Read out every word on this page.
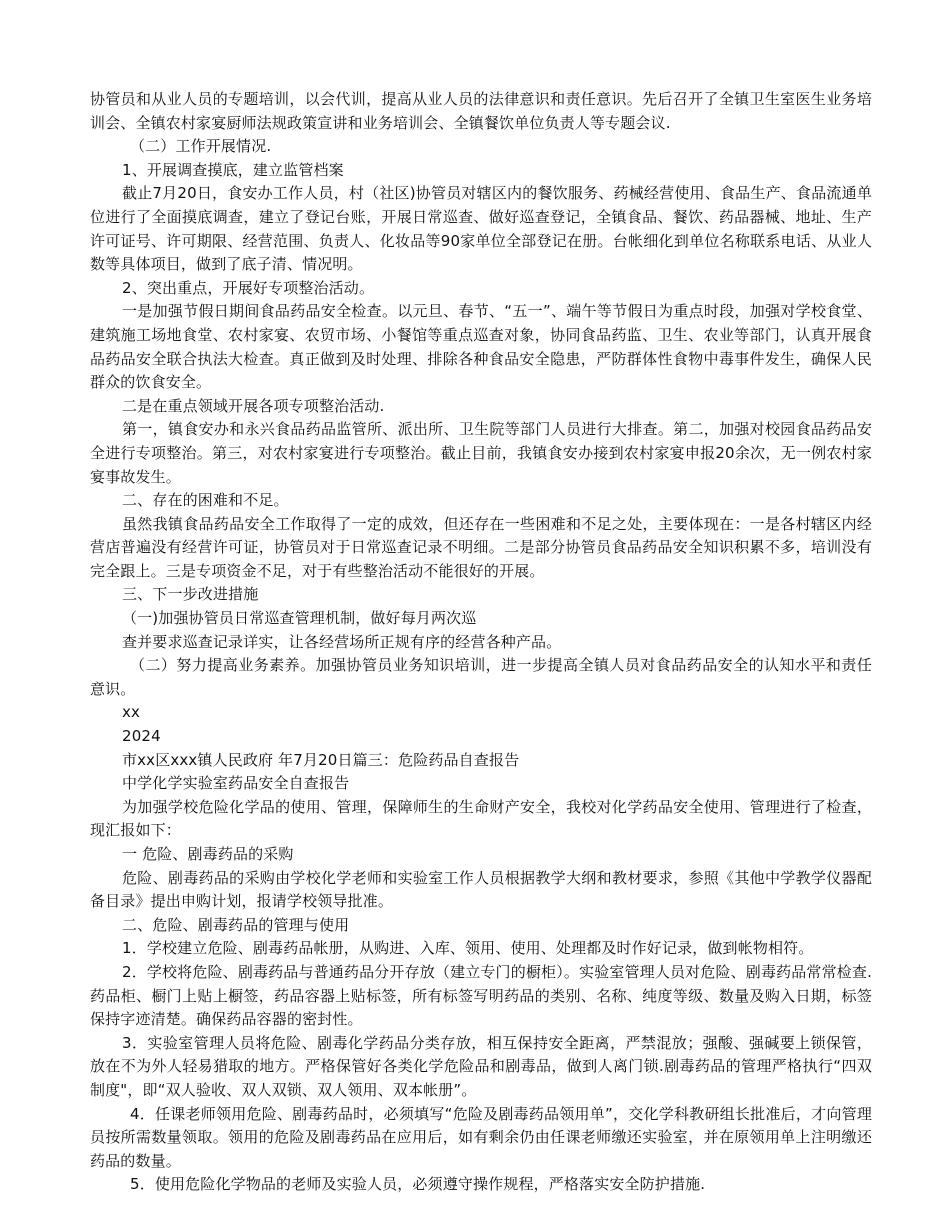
协管员和从业人员的专题培训，以会代训，提高从业人员的法律意识和责任意识。先后召开了全镇卫生室医生业务培训会、全镇农村家宴厨师法规政策宣讲和业务培训会、全镇餐饮单位负责人等专题会议.

（二）工作开展情况.

1、开展调查摸底，建立监管档案

截止7月20日，食安办工作人员，村（社区)协管员对辖区内的餐饮服务、药械经营使用、食品生产、食品流通单位进行了全面摸底调查，建立了登记台账，开展日常巡查、做好巡查登记，全镇食品、餐饮、药品器械、地址、生产许可证号、许可期限、经营范围、负责人、化妆品等90家单位全部登记在册。台帐细化到单位名称联系电话、从业人数等具体项目，做到了底子清、情况明。

2、突出重点，开展好专项整治活动。

一是加强节假日期间食品药品安全检查。以元旦、春节、“五一”、端午等节假日为重点时段，加强对学校食堂、建筑施工场地食堂、农村家宴、农贸市场、小餐馆等重点巡查对象，协同食品药监、卫生、农业等部门，认真开展食品药品安全联合执法大检查。真正做到及时处理、排除各种食品安全隐患，严防群体性食物中毒事件发生，确保人民群众的饮食安全。

二是在重点领域开展各项专项整治活动.

第一，镇食安办和永兴食品药品监管所、派出所、卫生院等部门人员进行大排查。第二，加强对校园食品药品安全进行专项整治。第三，对农村家宴进行专项整治。截止目前，我镇食安办接到农村家宴申报20余次，无一例农村家宴事故发生。

二、存在的困难和不足。

虽然我镇食品药品安全工作取得了一定的成效，但还存在一些困难和不足之处，主要体现在：一是各村辖区内经营店普遍没有经营许可证，协管员对于日常巡查记录不明细。二是部分协管员食品药品安全知识积累不多，培训没有完全跟上。三是专项资金不足，对于有些整治活动不能很好的开展。

三、下一步改进措施

（一)加强协管员日常巡查管理机制，做好每月两次巡

查并要求巡查记录详实，让各经营场所正规有序的经营各种产品。

（二）努力提高业务素养。加强协管员业务知识培训，进一步提高全镇人员对食品药品安全的认知水平和责任意识。

xx

2024

市xx区xxx镇人民政府 年7月20日篇三：危险药品自查报告

中学化学实验室药品安全自查报告

为加强学校危险化学品的使用、管理，保障师生的生命财产安全，我校对化学药品安全使用、管理进行了检查，现汇报如下：

一 危险、剧毒药品的采购

危险、剧毒药品的采购由学校化学老师和实验室工作人员根据教学大纲和教材要求，参照《其他中学教学仪器配备目录》提出申购计划，报请学校领导批准。

二、危险、剧毒药品的管理与使用

1．学校建立危险、剧毒药品帐册，从购进、入库、领用、使用、处理都及时作好记录，做到帐物相符。

2．学校将危险、剧毒药品与普通药品分开存放（建立专门的橱柜）。实验室管理人员对危险、剧毒药品常常检查.药品柜、橱门上贴上橱签，药品容器上贴标签，所有标签写明药品的类别、名称、纯度等级、数量及购入日期，标签保持字迹清楚。确保药品容器的密封性。

3．实验室管理人员将危险、剧毒化学药品分类存放，相互保持安全距离，严禁混放；强酸、强碱要上锁保管，放在不为外人轻易猎取的地方。严格保管好各类化学危险品和剧毒品，做到人离门锁.剧毒药品的管理严格执行“四双制度"，即“双人验收、双人双锁、双人领用、双本帐册”。

4．任课老师领用危险、剧毒药品时，必须填写“危险及剧毒药品领用单”，交化学科教研组长批准后，才向管理员按所需数量领取。领用的危险及剧毒药品在应用后，如有剩余仍由任课老师缴还实验室，并在原领用单上注明缴还药品的数量。

5．使用危险化学物品的老师及实验人员，必须遵守操作规程，严格落实安全防护措施.
